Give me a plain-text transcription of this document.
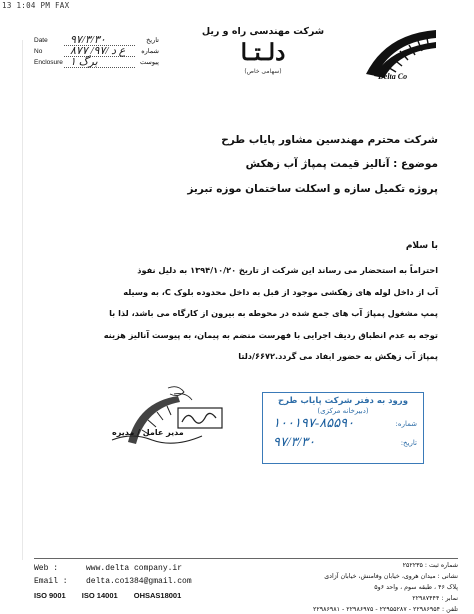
13 1:04 PM FAX
Date ۹۷/۳/۳۰	تاریخ
No	۸۷۷ /۹۷/ ع د شماره
Enclosure ۱ برگ	پیوست
شرکت مهندسی راه و ریل
دلـتـا
(سهامی خاص)
Delta Co
شرکت محترم مهندسین مشاور پایاب طرح
موضوع : آنالیز قیمت پمپاژ آب زهکش
پروژه تکمیل سازه و اسکلت ساختمان موزه تبریز
با سلام
احتراماً به استحضار می رساند این شرکت از تاریخ ۱۳۹۴/۱۰/۲۰ به دلیل نفوذ
آب از داخل لوله های زهکشی موجود از قبل به داخل محدوده بلوک C، به وسیله
پمپ مشغول پمپاژ آب های جمع شده در محوطه به بیرون از کارگاه می باشد، لذا با
توجه به عدم انطباق ردیف اجرایی با فهرست منضم به پیمان، به پیوست آنالیز هزینه
پمپاژ آب زهکش به حضور ابفاد می گردد.۶۶۷۲/دلتا
مدیر عامل / مدیره
ورود به دفتر شرکت پایاب طرح
(دبیرخانه مرکزی)
شماره:
۱۰۰۱۹۷-۸۵۵۹۰
تاریخ:
۹۷/۳/۳۰
Web :	www.delta company.ir
Email : delta.co1384@gmail.com
ISO 9001 ISO 14001 OHSAS18001
شماره ثبت : ۲۵۲۲۳۵
نشانی : میدان هروی، خیابان وفامنش، خیابان آزادی
پلاک ۴۶ ، طبقه سوم ، واحد ۶و۵
نمابر : ۲۲۹۸۷۴۴۴
تلفن : ۲۲۹۸۶۹۵۴ - ۲۲۹۵۵۲۸۷ - ۲۲۹۸۶۹۷۵ - ۲۲۹۸۶۹۸۱
